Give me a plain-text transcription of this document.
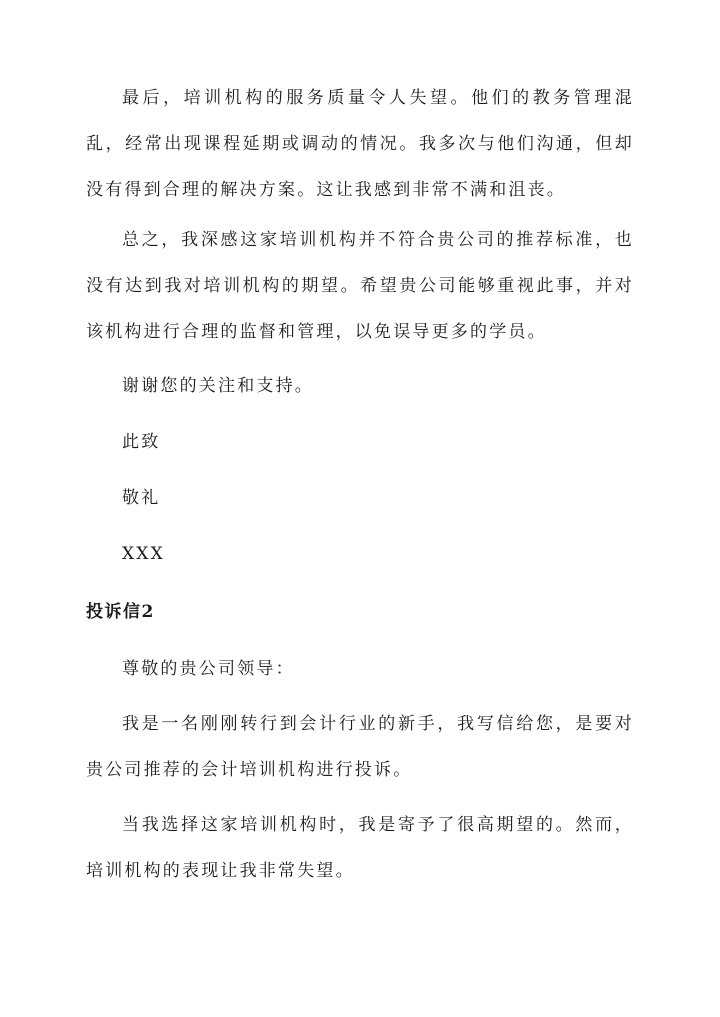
最后，培训机构的服务质量令人失望。他们的教务管理混乱，经常出现课程延期或调动的情况。我多次与他们沟通，但却没有得到合理的解决方案。这让我感到非常不满和沮丧。

总之，我深感这家培训机构并不符合贵公司的推荐标准，也没有达到我对培训机构的期望。希望贵公司能够重视此事，并对该机构进行合理的监督和管理，以免误导更多的学员。

谢谢您的关注和支持。

此致

敬礼

XXX

投诉信2

尊敬的贵公司领导：

我是一名刚刚转行到会计行业的新手，我写信给您，是要对贵公司推荐的会计培训机构进行投诉。

当我选择这家培训机构时，我是寄予了很高期望的。然而，培训机构的表现让我非常失望。
